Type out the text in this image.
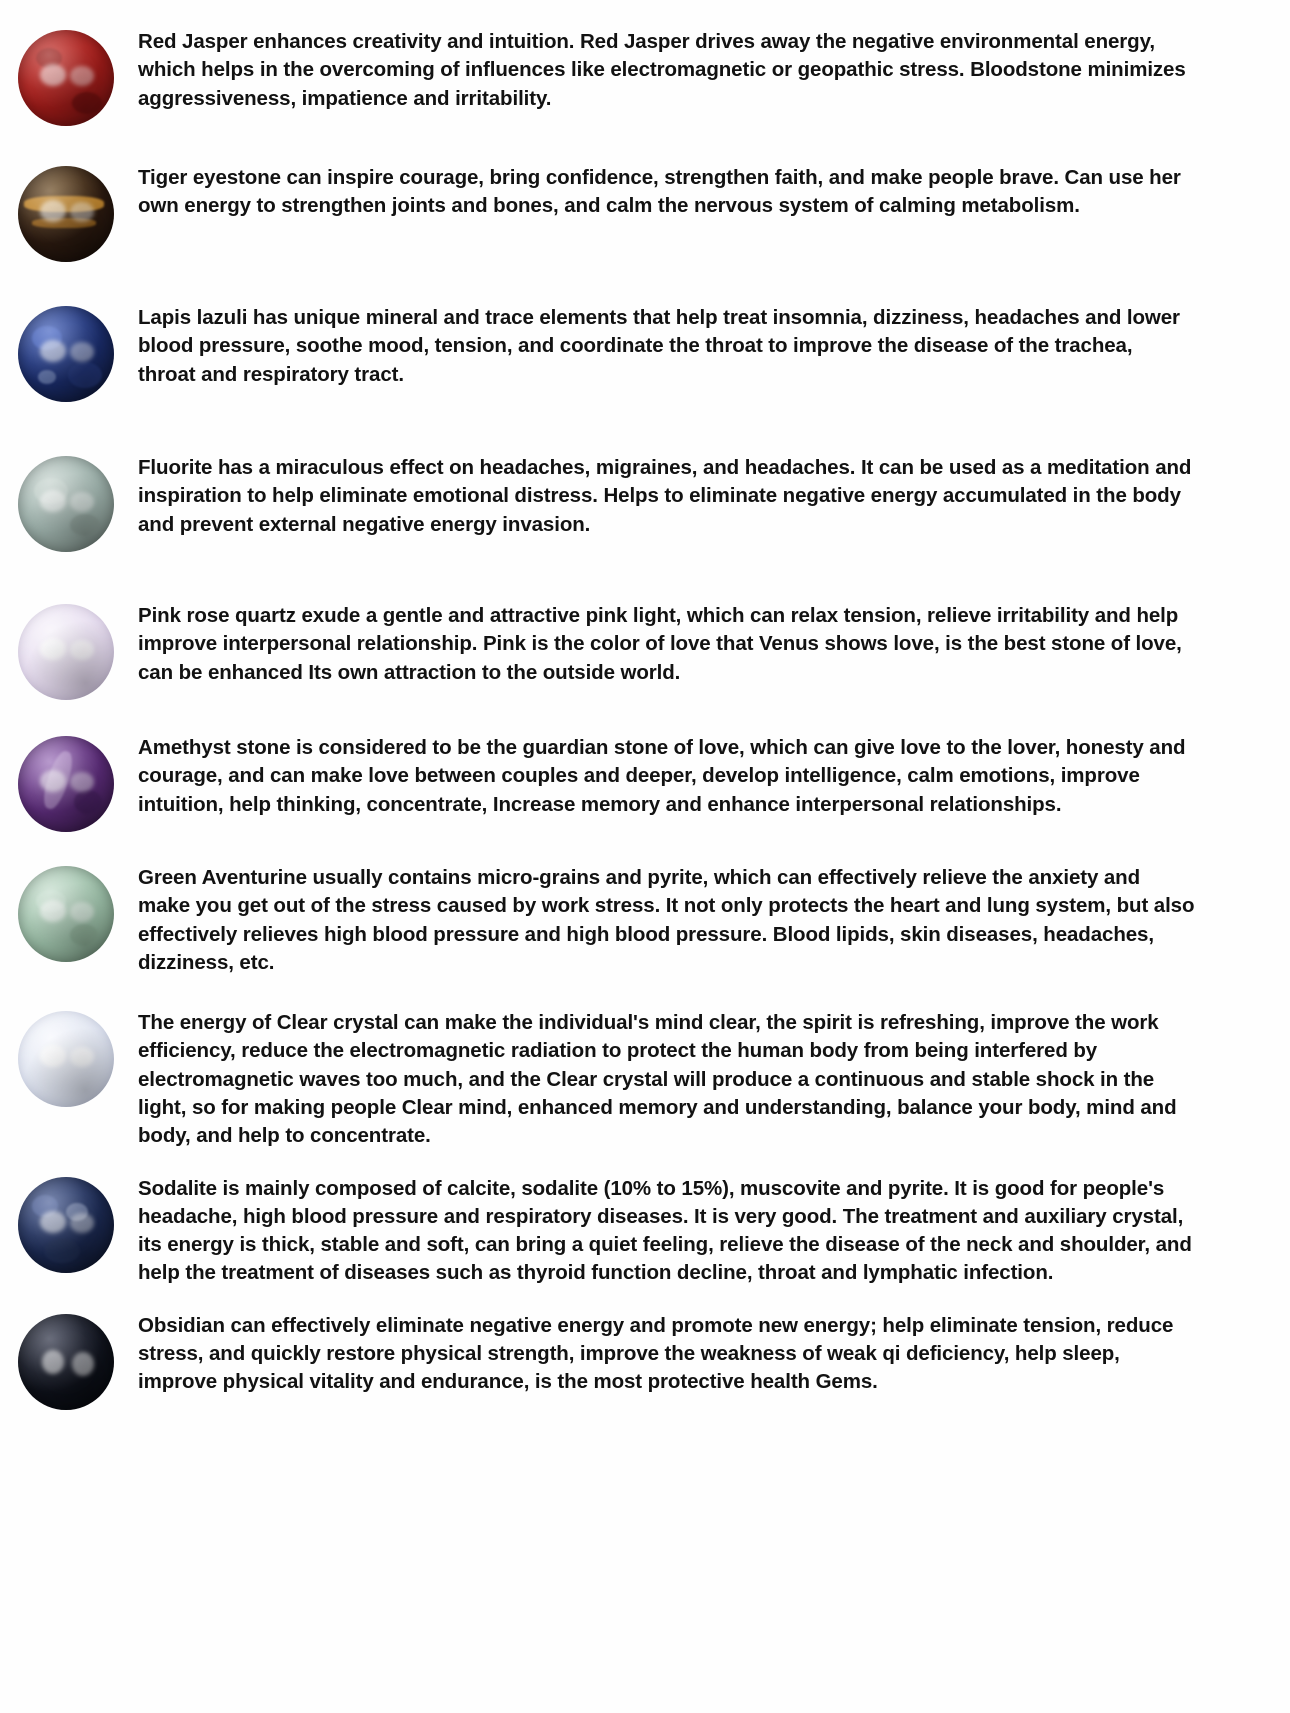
Red Jasper enhances creativity and intuition. Red Jasper drives away the negative environmental energy, which helps in the overcoming of influences like electromagnetic or geopathic stress. Bloodstone minimizes aggressiveness, impatience and irritability.

Tiger eyestone can inspire courage, bring confidence, strengthen faith, and make people brave. Can use her own energy to strengthen joints and bones, and calm the nervous system of calming metabolism.

Lapis lazuli has unique mineral and trace elements that help treat insomnia, dizziness, headaches and lower blood pressure, soothe mood, tension, and coordinate the throat to improve the disease of the trachea, throat and respiratory tract.

Fluorite has a miraculous effect on headaches, migraines, and headaches. It can be used as a meditation and inspiration to help eliminate emotional distress. Helps to eliminate negative energy accumulated in the body and prevent external negative energy invasion.

Pink rose quartz exude a gentle and attractive pink light, which can relax tension, relieve irritability and help improve interpersonal relationship. Pink is the color of love that Venus shows love, is the best stone of love, can be enhanced Its own attraction to the outside world.

Amethyst stone is considered to be the guardian stone of love, which can give love to the lover, honesty and courage, and can make love between couples and deeper, develop intelligence, calm emotions, improve intuition, help thinking, concentrate, Increase memory and enhance interpersonal relationships.

Green Aventurine usually contains micro-grains and pyrite, which can effectively relieve the anxiety and make you get out of the stress caused by work stress. It not only protects the heart and lung system, but also effectively relieves high blood pressure and high blood pressure. Blood lipids, skin diseases, headaches, dizziness, etc.

The energy of Clear crystal can make the individual's mind clear, the spirit is refreshing, improve the work efficiency, reduce the electromagnetic radiation to protect the human body from being interfered by electromagnetic waves too much, and the Clear crystal will produce a continuous and stable shock in the light, so for making people Clear mind, enhanced memory and understanding, balance your body, mind and body, and help to concentrate.

Sodalite is mainly composed of calcite, sodalite (10% to 15%), muscovite and pyrite. It is good for people's headache, high blood pressure and respiratory diseases. It is very good. The treatment and auxiliary crystal, its energy is thick, stable and soft, can bring a quiet feeling, relieve the disease of the neck and shoulder, and help the treatment of diseases such as thyroid function decline, throat and lymphatic infection.

Obsidian can effectively eliminate negative energy and promote new energy; help eliminate tension, reduce stress, and quickly restore physical strength, improve the weakness of weak qi deficiency, help sleep, improve physical vitality and endurance, is the most protective health Gems.
